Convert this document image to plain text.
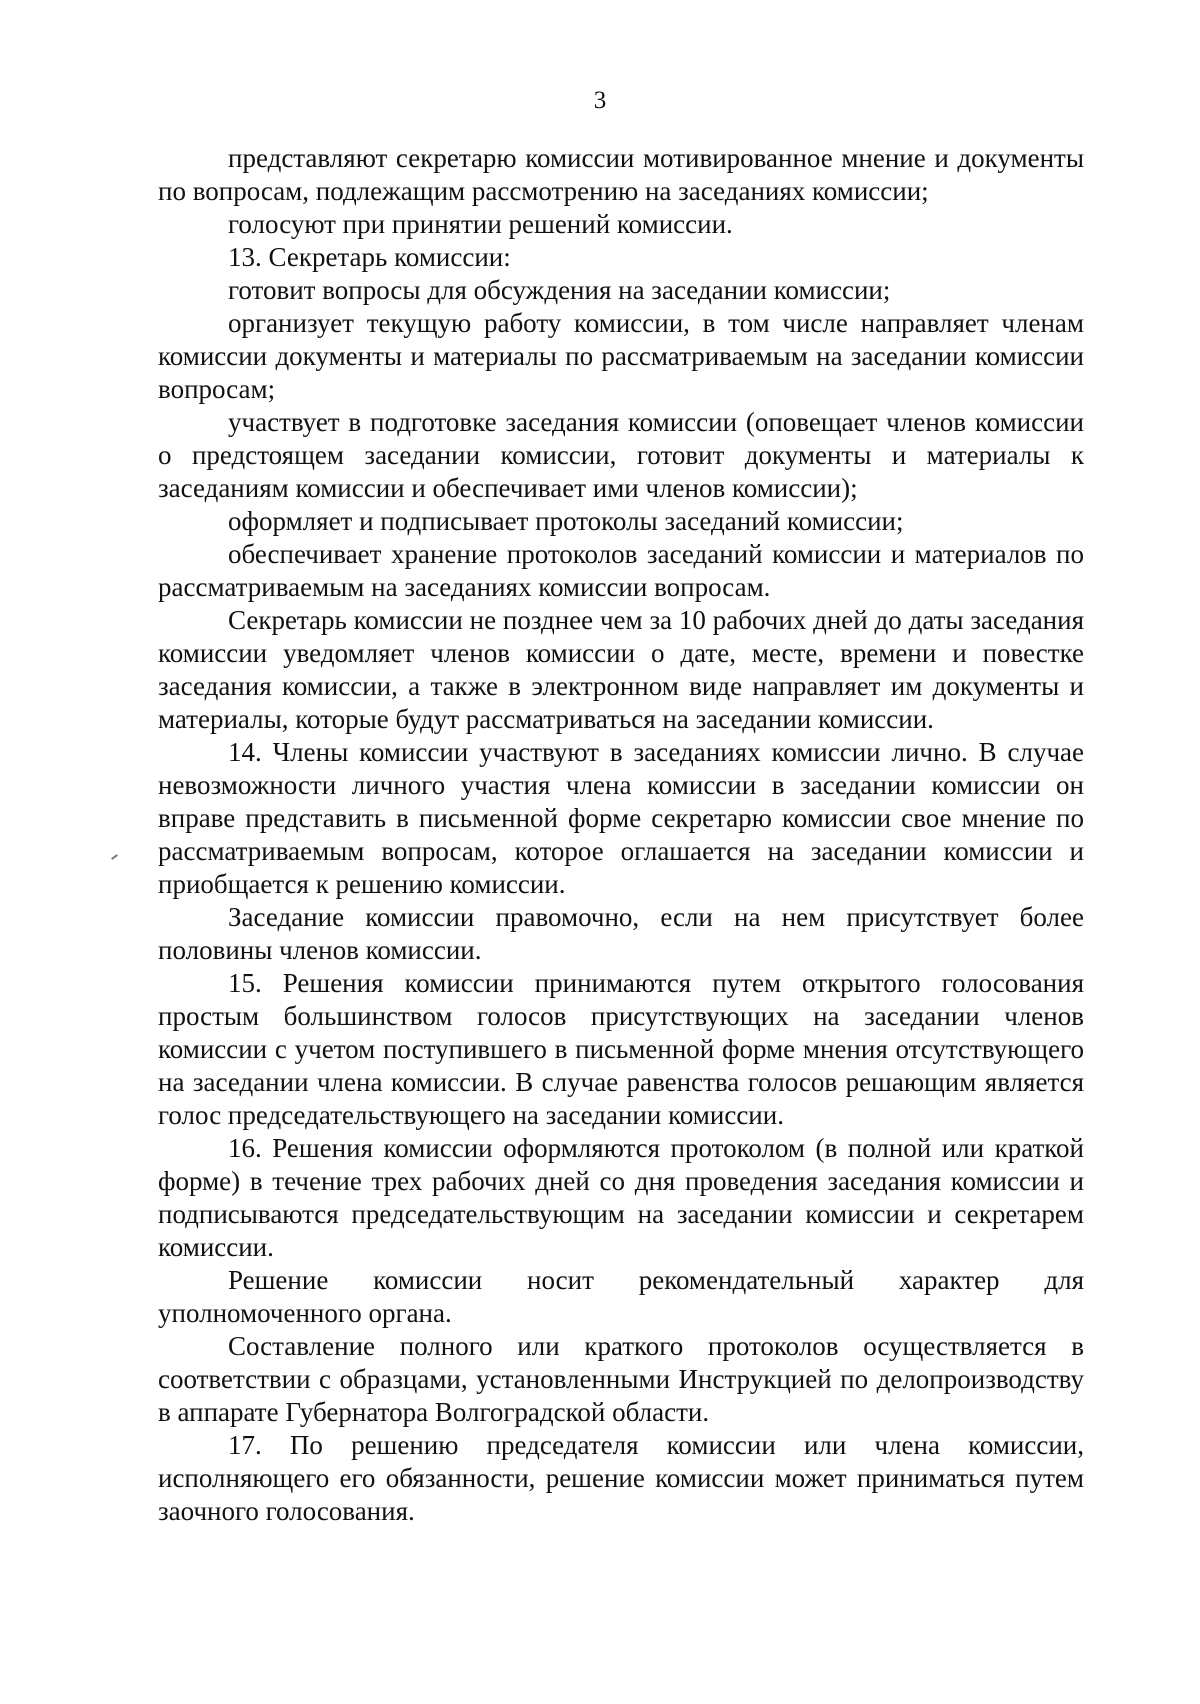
3

представляют секретарю комиссии мотивированное мнение и документы по вопросам, подлежащим рассмотрению на заседаниях комиссии;

голосуют при принятии решений комиссии.

13. Секретарь комиссии:

готовит вопросы для обсуждения на заседании комиссии;

организует текущую работу комиссии, в том числе направляет членам комиссии документы и материалы по рассматриваемым на заседании комиссии вопросам;

участвует в подготовке заседания комиссии (оповещает членов комиссии о предстоящем заседании комиссии, готовит документы и материалы к заседаниям комиссии и обеспечивает ими членов комиссии);

оформляет и подписывает протоколы заседаний комиссии;

обеспечивает хранение протоколов заседаний комиссии и материалов по рассматриваемым на заседаниях комиссии вопросам.

Секретарь комиссии не позднее чем за 10 рабочих дней до даты заседания комиссии уведомляет членов комиссии о дате, месте, времени и повестке заседания комиссии, а также в электронном виде направляет им документы и материалы, которые будут рассматриваться на заседании комиссии.

14. Члены комиссии участвуют в заседаниях комиссии лично. В случае невозможности личного участия члена комиссии в заседании комиссии он вправе представить в письменной форме секретарю комиссии свое мнение по рассматриваемым вопросам, которое оглашается на заседании комиссии и приобщается к решению комиссии.

Заседание комиссии правомочно, если на нем присутствует более половины членов комиссии.

15. Решения комиссии принимаются путем открытого голосования простым большинством голосов присутствующих на заседании членов комиссии с учетом поступившего в письменной форме мнения отсутствующего на заседании члена комиссии. В случае равенства голосов решающим является голос председательствующего на заседании комиссии.

16. Решения комиссии оформляются протоколом (в полной или краткой форме) в течение трех рабочих дней со дня проведения заседания комиссии и подписываются председательствующим на заседании комиссии и секретарем комиссии.

Решение комиссии носит рекомендательный характер для уполномоченного органа.

Составление полного или краткого протоколов осуществляется в соответствии с образцами, установленными Инструкцией по делопроизводству в аппарате Губернатора Волгоградской области.

17. По решению председателя комиссии или члена комиссии, исполняющего его обязанности, решение комиссии может приниматься путем заочного голосования.
